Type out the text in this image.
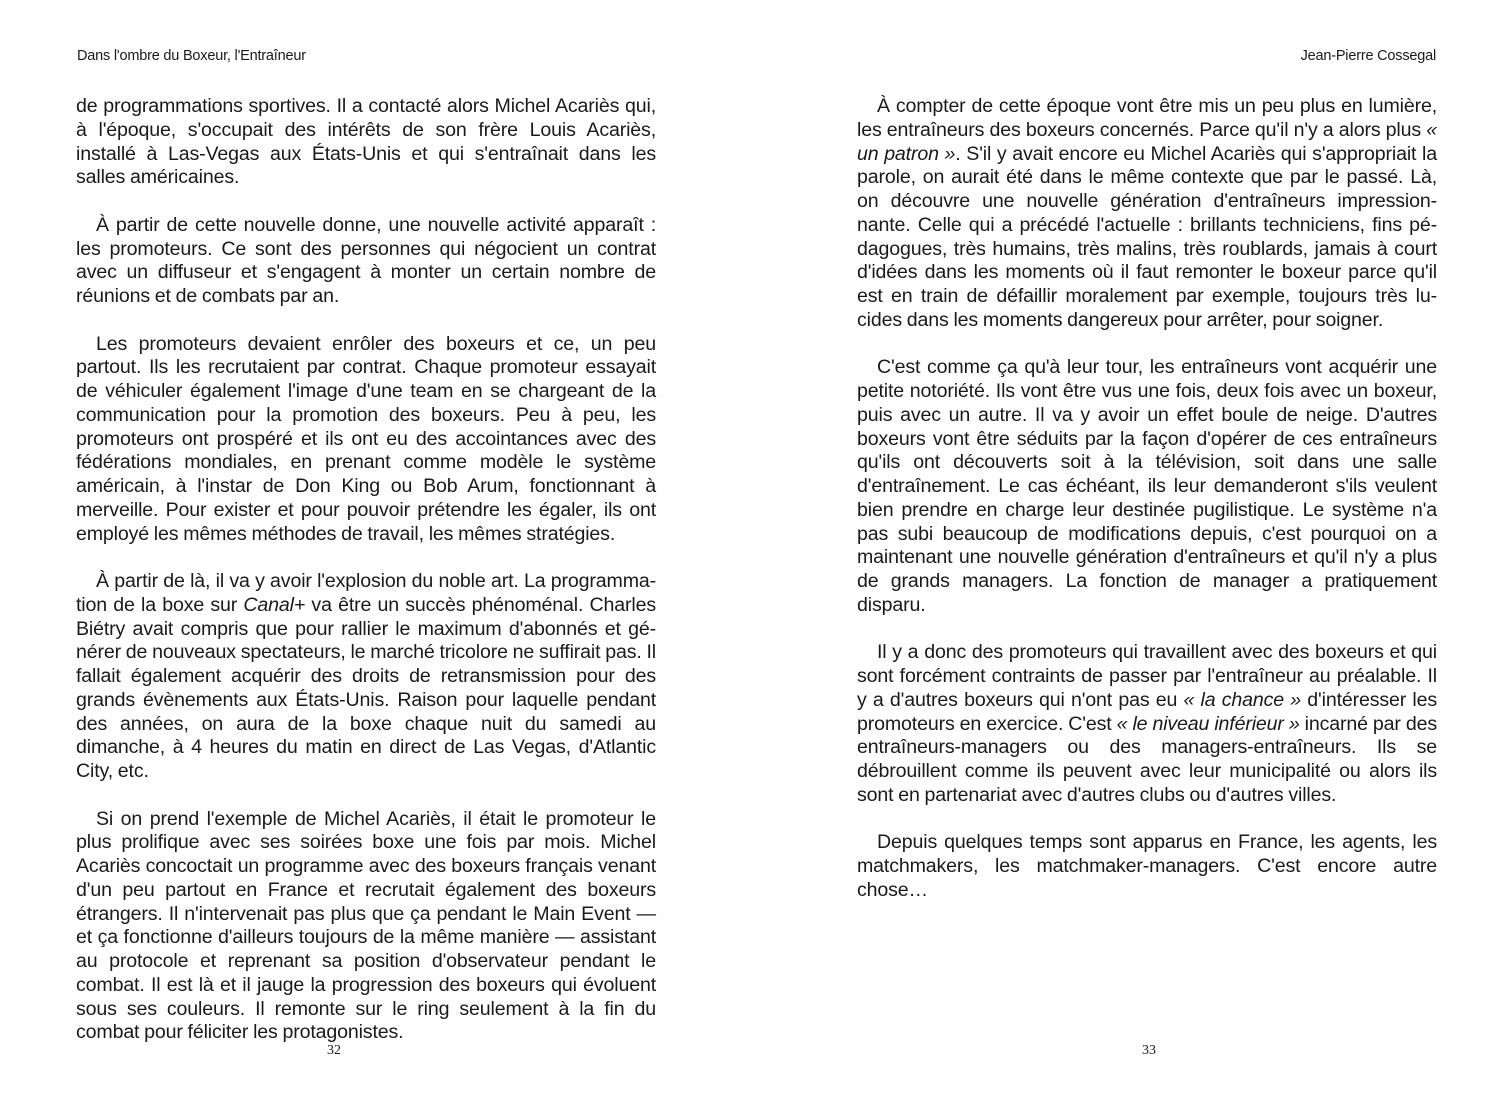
Dans l'ombre du Boxeur, l'Entraîneur

de programmations sportives. Il a contacté alors Michel Acariès qui, à l'époque, s'occupait des intérêts de son frère Louis Acariès, installé à Las-Vegas aux États-Unis et qui s'entraînait dans les salles américaines.

À partir de cette nouvelle donne, une nouvelle activité apparaît : les promoteurs. Ce sont des personnes qui négocient un contrat avec un diffuseur et s'engagent à monter un certain nombre de réunions et de combats par an.

Les promoteurs devaient enrôler des boxeurs et ce, un peu partout. Ils les recrutaient par contrat. Chaque promoteur essayait de véhiculer également l'image d'une team en se chargeant de la communication pour la promotion des boxeurs. Peu à peu, les promoteurs ont prospéré et ils ont eu des accointances avec des fédérations mondiales, en prenant comme modèle le système américain, à l'instar de Don King ou Bob Arum, fonctionnant à merveille. Pour exister et pour pouvoir prétendre les égaler, ils ont employé les mêmes méthodes de travail, les mêmes stratégies.

À partir de là, il va y avoir l'explosion du noble art. La programma-tion de la boxe sur Canal+ va être un succès phénoménal. Charles Biétry avait compris que pour rallier le maximum d'abonnés et gé-nérer de nouveaux spectateurs, le marché tricolore ne suffirait pas. Il fallait également acquérir des droits de retransmission pour des grands évènements aux États-Unis. Raison pour laquelle pendant des années, on aura de la boxe chaque nuit du samedi au dimanche, à 4 heures du matin en direct de Las Vegas, d'Atlantic City, etc.

Si on prend l'exemple de Michel Acariès, il était le promoteur le plus prolifique avec ses soirées boxe une fois par mois. Michel Acariès concoctait un programme avec des boxeurs français venant d'un peu partout en France et recrutait également des boxeurs étrangers. Il n'intervenait pas plus que ça pendant le Main Event — et ça fonctionne d'ailleurs toujours de la même manière — assistant au protocole et reprenant sa position d'observateur pendant le combat. Il est là et il jauge la progression des boxeurs qui évoluent sous ses couleurs. Il remonte sur le ring seulement à la fin du combat pour féliciter les protagonistes.

32
Jean-Pierre Cossegal

À compter de cette époque vont être mis un peu plus en lumière, les entraîneurs des boxeurs concernés. Parce qu'il n'y a alors plus « un patron ». S'il y avait encore eu Michel Acariès qui s'appropriait la parole, on aurait été dans le même contexte que par le passé. Là, on découvre une nouvelle génération d'entraîneurs impression-nante. Celle qui a précédé l'actuelle : brillants techniciens, fins pé-dagogues, très humains, très malins, très roublards, jamais à court d'idées dans les moments où il faut remonter le boxeur parce qu'il est en train de défaillir moralement par exemple, toujours très lu-cides dans les moments dangereux pour arrêter, pour soigner.

C'est comme ça qu'à leur tour, les entraîneurs vont acquérir une petite notoriété. Ils vont être vus une fois, deux fois avec un boxeur, puis avec un autre. Il va y avoir un effet boule de neige. D'autres boxeurs vont être séduits par la façon d'opérer de ces entraîneurs qu'ils ont découverts soit à la télévision, soit dans une salle d'entraînement. Le cas échéant, ils leur demanderont s'ils veulent bien prendre en charge leur destinée pugilistique. Le système n'a pas subi beaucoup de modifications depuis, c'est pourquoi on a maintenant une nouvelle génération d'entraîneurs et qu'il n'y a plus de grands managers. La fonction de manager a pratiquement disparu.

Il y a donc des promoteurs qui travaillent avec des boxeurs et qui sont forcément contraints de passer par l'entraîneur au préalable. Il y a d'autres boxeurs qui n'ont pas eu « la chance » d'intéresser les promoteurs en exercice. C'est « le niveau inférieur » incarné par des entraîneurs-managers ou des managers-entraîneurs. Ils se débrouillent comme ils peuvent avec leur municipalité ou alors ils sont en partenariat avec d'autres clubs ou d'autres villes.

Depuis quelques temps sont apparus en France, les agents, les matchmakers, les matchmaker-managers. C'est encore autre chose…

33
